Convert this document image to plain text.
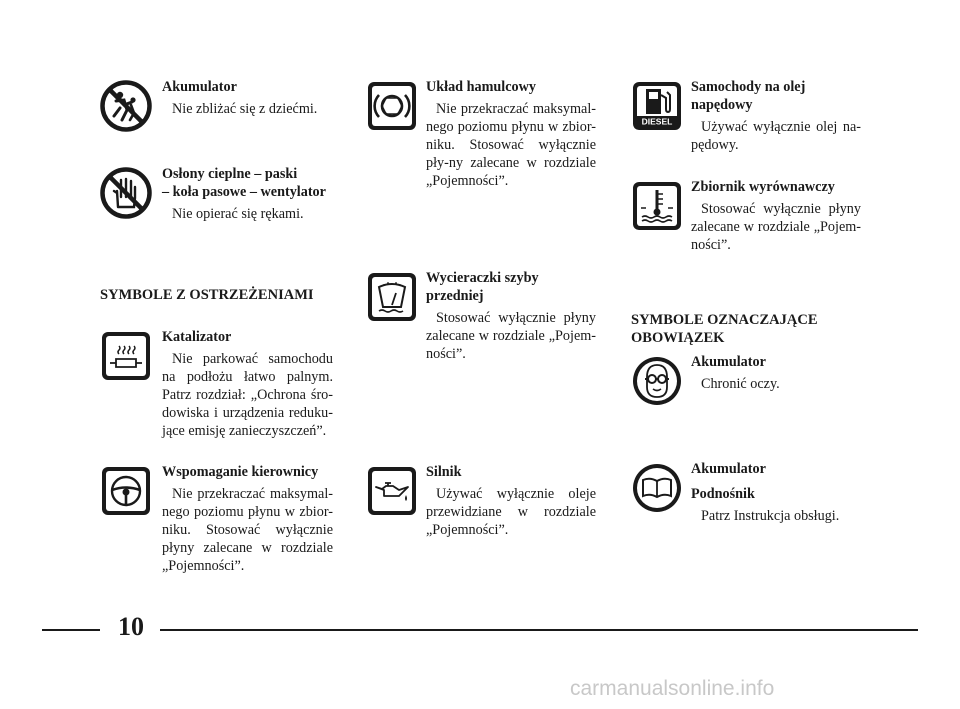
Akumulator

Nie zbliżać się z dziećmi.

Osłony cieplne – paski

– koła pasowe – wentylator

Nie opierać się rękami.

SYMBOLE Z OSTRZEŻENIAMI

Katalizator

Nie parkować samochodu na podłożu łatwo palnym. Patrz rozdział: „Ochrona śro-dowiska i urządzenia reduku-jące emisję zanieczyszczeń”.

Wspomaganie kierownicy

Nie przekraczać maksymal-nego poziomu płynu w zbior-niku. Stosować wyłącznie płyny zalecane w rozdziale „Pojemności”.

Układ hamulcowy

Nie przekraczać maksymal-nego poziomu płynu w zbior-niku. Stosować wyłącznie pły-ny zalecane w rozdziale „Pojemności”.

Wycieraczki szyby

przedniej

Stosować wyłącznie płyny zalecane w rozdziale „Pojem-ności”.

Silnik

Używać wyłącznie oleje przewidziane w rozdziale „Pojemności”.

DIESEL

Samochody na olej

napędowy

Używać wyłącznie olej na-pędowy.

Zbiornik wyrównawczy

Stosować wyłącznie płyny zalecane w rozdziale „Pojem-ności”.

SYMBOLE OZNACZAJĄCE
OBOWIĄZEK

Akumulator

Chronić oczy.

Akumulator

Podnośnik

Patrz Instrukcja obsługi.

10
carmanualsonline.info
